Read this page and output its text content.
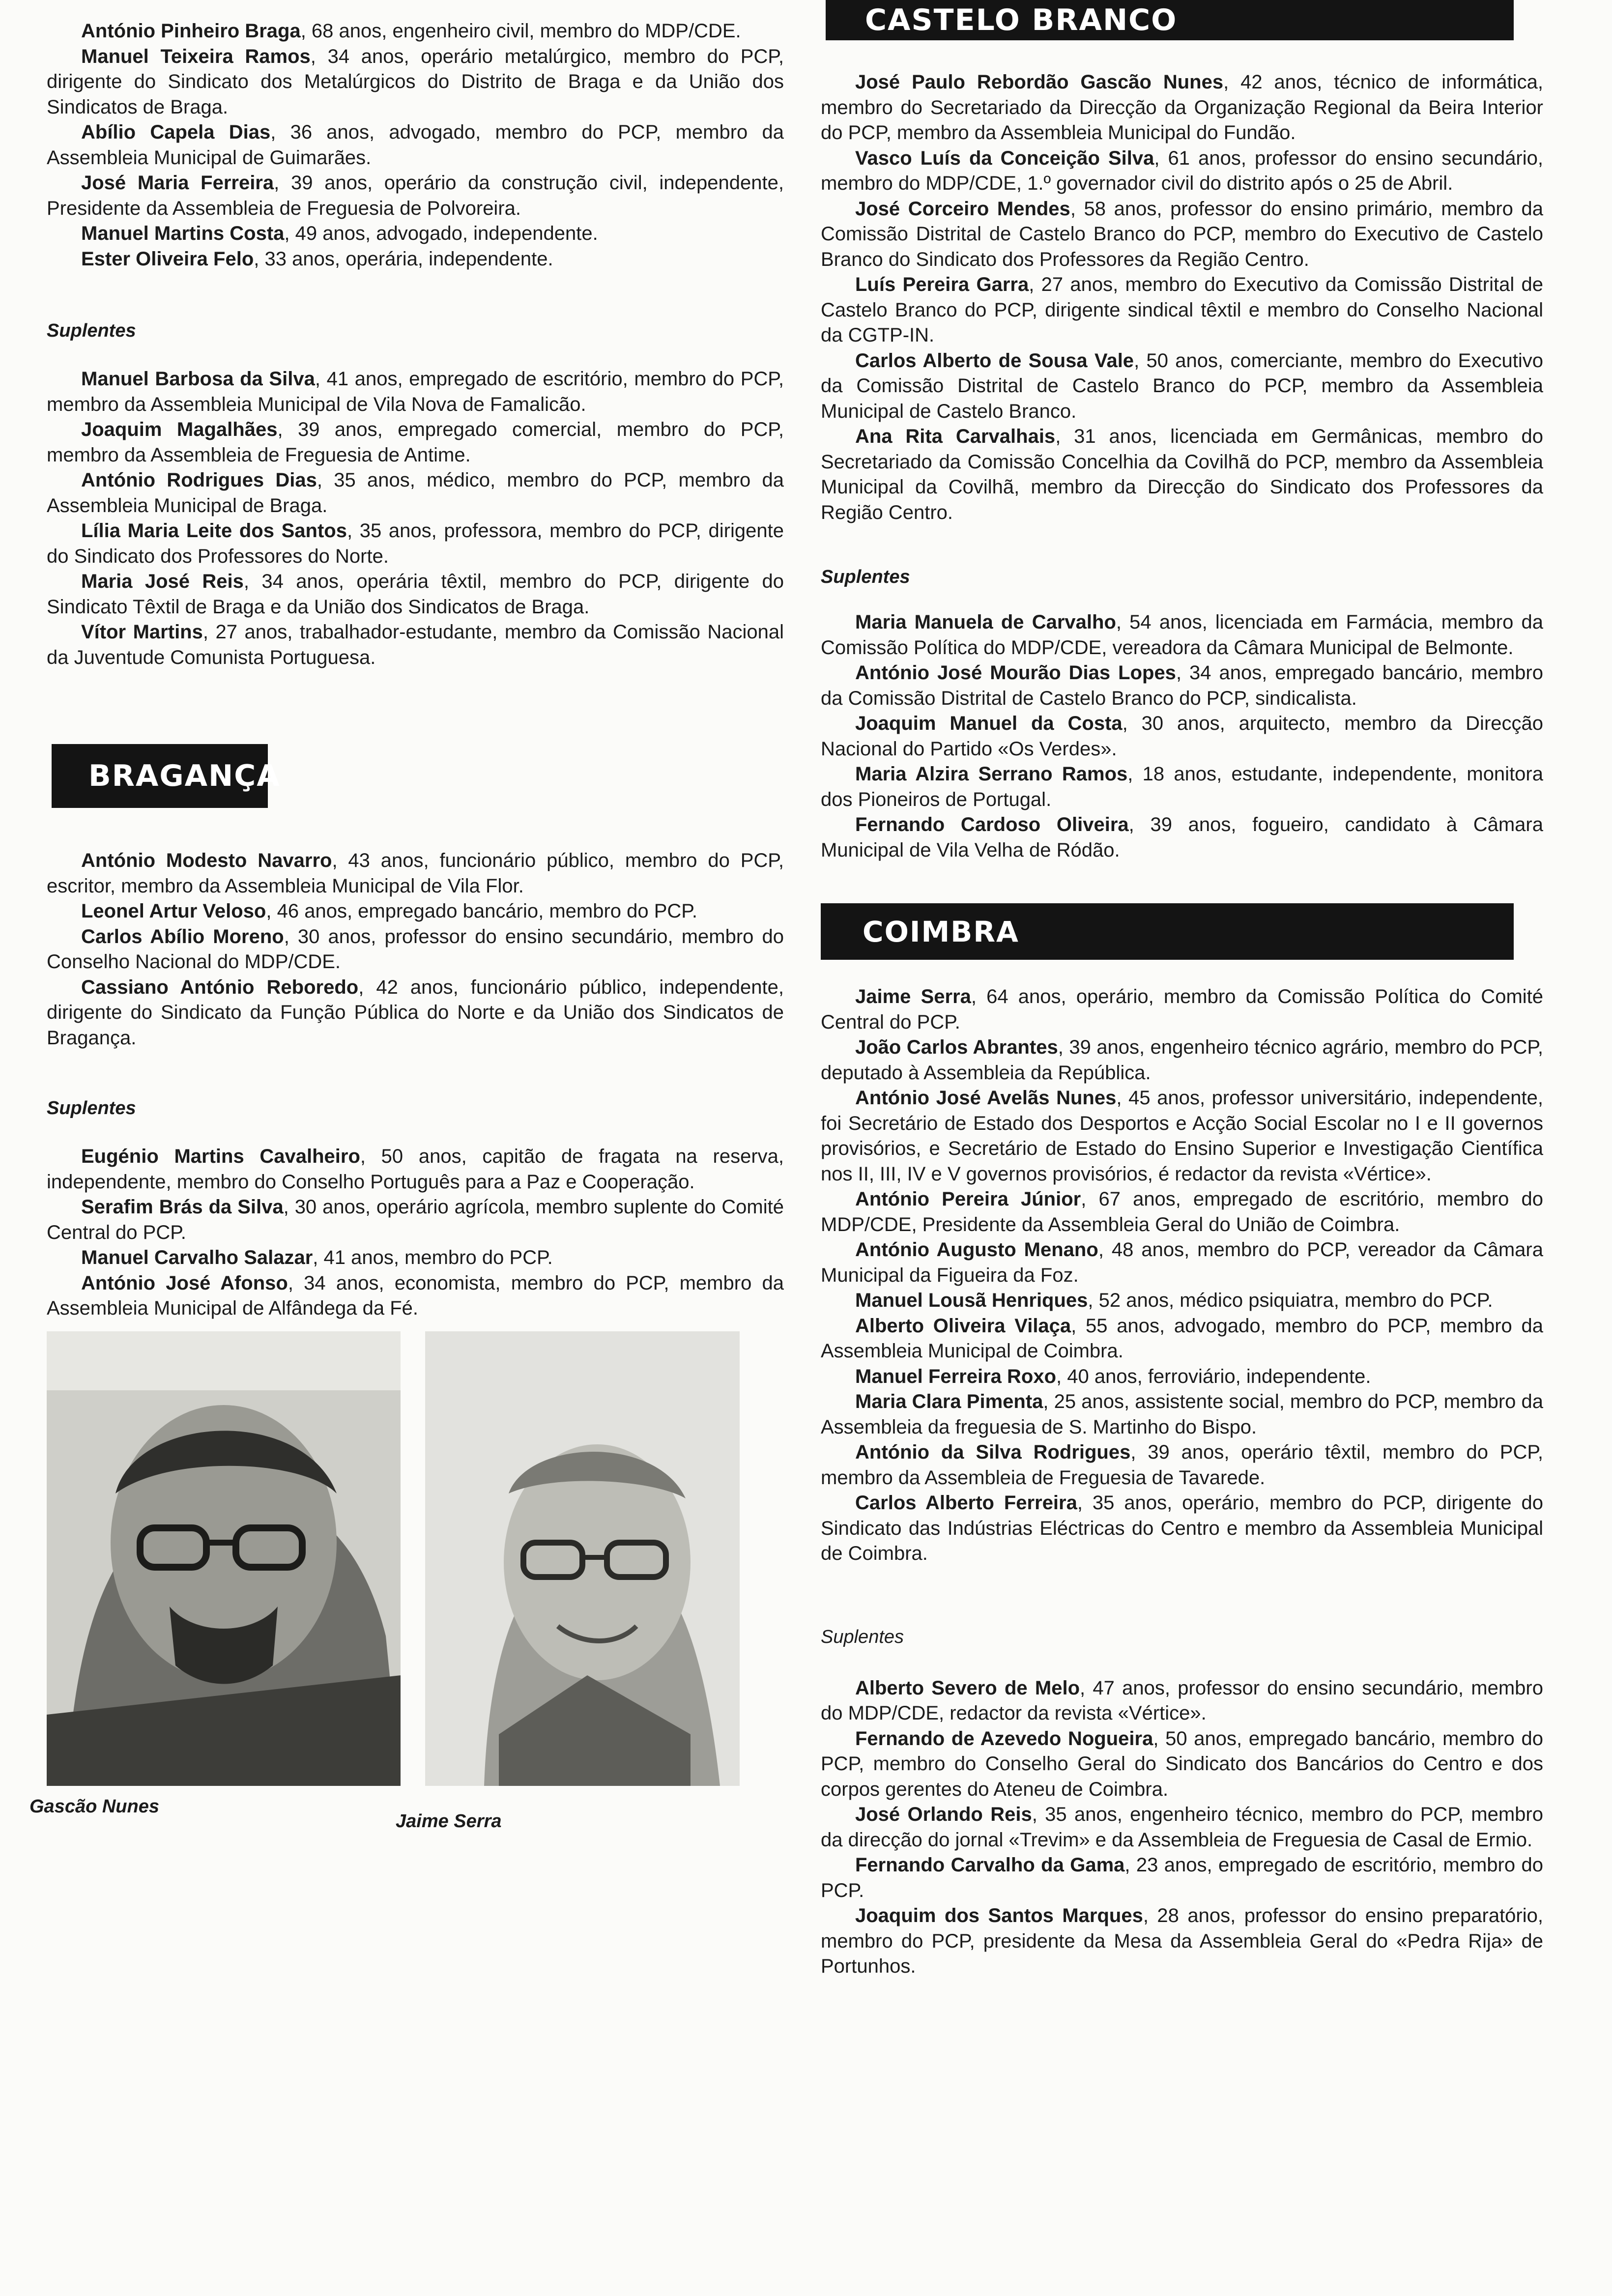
António Pinheiro Braga, 68 anos, engenheiro civil, membro do MDP/CDE.

Manuel Teixeira Ramos, 34 anos, operário metalúrgico, membro do PCP, dirigente do Sindicato dos Metalúrgicos do Distrito de Braga e da União dos Sindicatos de Braga.

Abílio Capela Dias, 36 anos, advogado, membro do PCP, membro da Assembleia Municipal de Guimarães.

José Maria Ferreira, 39 anos, operário da construção civil, independente, Presidente da Assembleia de Freguesia de Polvoreira.

Manuel Martins Costa, 49 anos, advogado, independente.

Ester Oliveira Felo, 33 anos, operária, independente.

Suplentes

Manuel Barbosa da Silva, 41 anos, empregado de escritório, membro do PCP, membro da Assembleia Municipal de Vila Nova de Famalicão.

Joaquim Magalhães, 39 anos, empregado comercial, membro do PCP, membro da Assembleia de Freguesia de Antime.

António Rodrigues Dias, 35 anos, médico, membro do PCP, membro da Assembleia Municipal de Braga.

Lília Maria Leite dos Santos, 35 anos, professora, membro do PCP, dirigente do Sindicato dos Professores do Norte.

Maria José Reis, 34 anos, operária têxtil, membro do PCP, dirigente do Sindicato Têxtil de Braga e da União dos Sindicatos de Braga.

Vítor Martins, 27 anos, trabalhador-estudante, membro da Comissão Nacional da Juventude Comunista Portuguesa.

BRAGANÇA

António Modesto Navarro, 43 anos, funcionário público, membro do PCP, escritor, membro da Assembleia Municipal de Vila Flor.

Leonel Artur Veloso, 46 anos, empregado bancário, membro do PCP.

Carlos Abílio Moreno, 30 anos, professor do ensino secundário, membro do Conselho Nacional do MDP/CDE.

Cassiano António Reboredo, 42 anos, funcionário público, independente, dirigente do Sindicato da Função Pública do Norte e da União dos Sindicatos de Bragança.

Suplentes

Eugénio Martins Cavalheiro, 50 anos, capitão de fragata na reserva, independente, membro do Conselho Português para a Paz e Cooperação.

Serafim Brás da Silva, 30 anos, operário agrícola, membro suplente do Comité Central do PCP.

Manuel Carvalho Salazar, 41 anos, membro do PCP.

António José Afonso, 34 anos, economista, membro do PCP, membro da Assembleia Municipal de Alfândega da Fé.

Gascão Nunes

Jaime Serra

CASTELO BRANCO

José Paulo Rebordão Gascão Nunes, 42 anos, técnico de informática, membro do Secretariado da Direcção da Organização Regional da Beira Interior do PCP, membro da Assembleia Municipal do Fundão.

Vasco Luís da Conceição Silva, 61 anos, professor do ensino secundário, membro do MDP/CDE, 1.º governador civil do distrito após o 25 de Abril.

José Corceiro Mendes, 58 anos, professor do ensino primário, membro da Comissão Distrital de Castelo Branco do PCP, membro do Executivo de Castelo Branco do Sindicato dos Professores da Região Centro.

Luís Pereira Garra, 27 anos, membro do Executivo da Comissão Distrital de Castelo Branco do PCP, dirigente sindical têxtil e membro do Conselho Nacional da CGTP-IN.

Carlos Alberto de Sousa Vale, 50 anos, comerciante, membro do Executivo da Comissão Distrital de Castelo Branco do PCP, membro da Assembleia Municipal de Castelo Branco.

Ana Rita Carvalhais, 31 anos, licenciada em Germânicas, membro do Secretariado da Comissão Concelhia da Covilhã do PCP, membro da Assembleia Municipal da Covilhã, membro da Direcção do Sindicato dos Professores da Região Centro.

Suplentes

Maria Manuela de Carvalho, 54 anos, licenciada em Farmácia, membro da Comissão Política do MDP/CDE, vereadora da Câmara Municipal de Belmonte.

António José Mourão Dias Lopes, 34 anos, empregado bancário, membro da Comissão Distrital de Castelo Branco do PCP, sindicalista.

Joaquim Manuel da Costa, 30 anos, arquitecto, membro da Direcção Nacional do Partido «Os Verdes».

Maria Alzira Serrano Ramos, 18 anos, estudante, independente, monitora dos Pioneiros de Portugal.

Fernando Cardoso Oliveira, 39 anos, fogueiro, candidato à Câmara Municipal de Vila Velha de Ródão.

COIMBRA

Jaime Serra, 64 anos, operário, membro da Comissão Política do Comité Central do PCP.

João Carlos Abrantes, 39 anos, engenheiro técnico agrário, membro do PCP, deputado à Assembleia da República.

António José Avelãs Nunes, 45 anos, professor universitário, independente, foi Secretário de Estado dos Desportos e Acção Social Escolar no I e II governos provisórios, e Secretário de Estado do Ensino Superior e Investigação Científica nos II, III, IV e V governos provisórios, é redactor da revista «Vértice».

António Pereira Júnior, 67 anos, empregado de escritório, membro do MDP/CDE, Presidente da Assembleia Geral do União de Coimbra.

António Augusto Menano, 48 anos, membro do PCP, vereador da Câmara Municipal da Figueira da Foz.

Manuel Lousã Henriques, 52 anos, médico psiquiatra, membro do PCP.

Alberto Oliveira Vilaça, 55 anos, advogado, membro do PCP, membro da Assembleia Municipal de Coimbra.

Manuel Ferreira Roxo, 40 anos, ferroviário, independente.

Maria Clara Pimenta, 25 anos, assistente social, membro do PCP, membro da Assembleia da freguesia de S. Martinho do Bispo.

António da Silva Rodrigues, 39 anos, operário têxtil, membro do PCP, membro da Assembleia de Freguesia de Tavarede.

Carlos Alberto Ferreira, 35 anos, operário, membro do PCP, dirigente do Sindicato das Indústrias Eléctricas do Centro e membro da Assembleia Municipal de Coimbra.

Suplentes

Alberto Severo de Melo, 47 anos, professor do ensino secundário, membro do MDP/CDE, redactor da revista «Vértice».

Fernando de Azevedo Nogueira, 50 anos, empregado bancário, membro do PCP, membro do Conselho Geral do Sindicato dos Bancários do Centro e dos corpos gerentes do Ateneu de Coimbra.

José Orlando Reis, 35 anos, engenheiro técnico, membro do PCP, membro da direcção do jornal «Trevim» e da Assembleia de Freguesia de Casal de Ermio.

Fernando Carvalho da Gama, 23 anos, empregado de escritório, membro do PCP.

Joaquim dos Santos Marques, 28 anos, professor do ensino preparatório, membro do PCP, presidente da Mesa da Assembleia Geral do «Pedra Rija» de Portunhos.
